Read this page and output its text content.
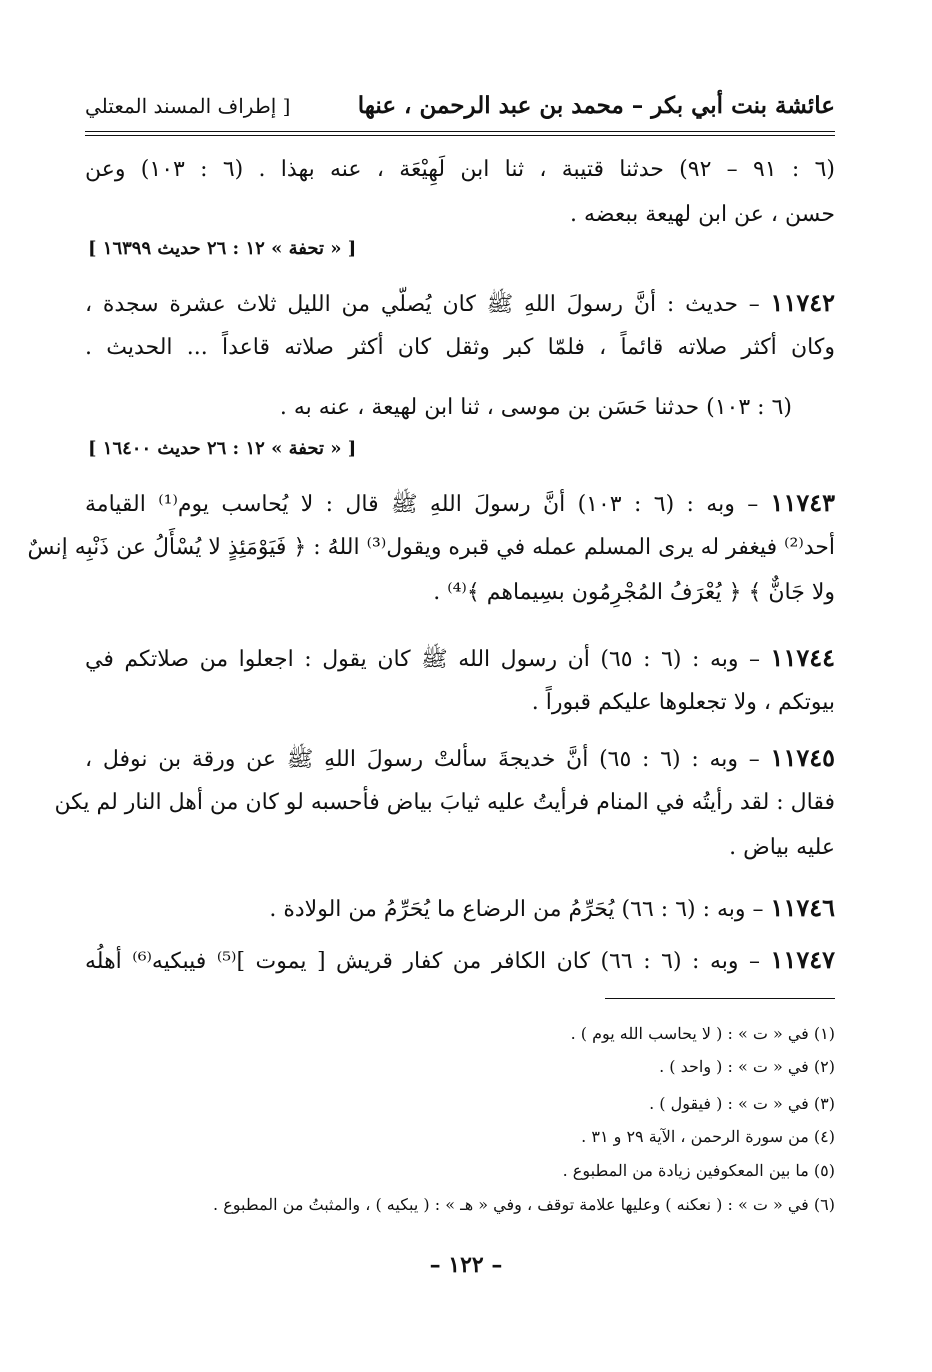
عائشة بنت أبي بكر – محمد بن عبد الرحمن ، عنها
[ إطراف المسند المعتلي
(٦ : ٩١ – ٩٢) حدثنا قتيبة ، ثنا ابن لَهِيْعَة ، عنه بهذا . (٦ : ١٠٣) وعن
حسن ، عن ابن لهيعة ببعضه .
[ « تحفة » ١٢ : ٢٦ حديث ١٦٣٩٩ ]
١١٧٤٢ – حديث : أنَّ رسولَ اللهِ ﷺ كان يُصلّي من الليل ثلاث عشرة سجدة ،
وكان أكثر صلاته قائماً ، فلمّا كبر وثقل كان أكثر صلاته قاعداً ... الحديث .
(٦ : ١٠٣) حدثنا حَسَن بن موسى ، ثنا ابن لهيعة ، عنه به .
[ « تحفة » ١٢ : ٢٦ حديث ١٦٤٠٠ ]
١١٧٤٣ – وبه : (٦ : ١٠٣) أنَّ رسولَ اللهِ ﷺ قال : لا يُحاسب يوم⁽¹⁾ القيامة
أحد⁽²⁾ فيغفر له يرى المسلم عمله في قبره ويقول⁽³⁾ اللهُ : ﴿ فَيَوْمَئِذٍ لا يُسْأَلُ عن ذَنْبِه إنسٌ
ولا جَانٌّ ﴾ ﴿ يُعْرَفُ المُجْرِمُون بسِيماهم ﴾⁽⁴⁾ .
١١٧٤٤ – وبه : (٦ : ٦٥) أن رسول الله ﷺ كان يقول : اجعلوا من صلاتكم في
بيوتكم ، ولا تجعلوها عليكم قبوراً .
١١٧٤٥ – وبه : (٦ : ٦٥) أنَّ خديجةَ سألتْ رسولَ اللهِ ﷺ عن ورقة بن نوفل ،
فقال : لقد رأيتُه في المنام فرأيتُ عليه ثيابَ بياض فأحسبه لو كان من أهل النار لم يكن
عليه بياض .
١١٧٤٦ – وبه : (٦ : ٦٦) يُحَرِّمُ من الرضاع ما يُحَرِّمُ من الولادة .
١١٧٤٧ – وبه : (٦ : ٦٦) كان الكافر من كفار قريش [ يموت ]⁽⁵⁾ فيبكيه⁽⁶⁾ أهلُه
(١) في « ت » : ( لا يحاسب الله يوم ) .
(٢) في « ت » : ( واحد ) .
(٣) في « ت » : ( فيقول ) .
(٤) من سورة الرحمن ، الآية ٢٩ و ٣١ .
(٥) ما بين المعكوفين زيادة من المطبوع .
(٦) في « ت » : ( نعكنه ) وعليها علامة توقف ، وفي « هـ » : ( يبكيه ) ، والمثبتُ من المطبوع .
– ١٢٢ –
